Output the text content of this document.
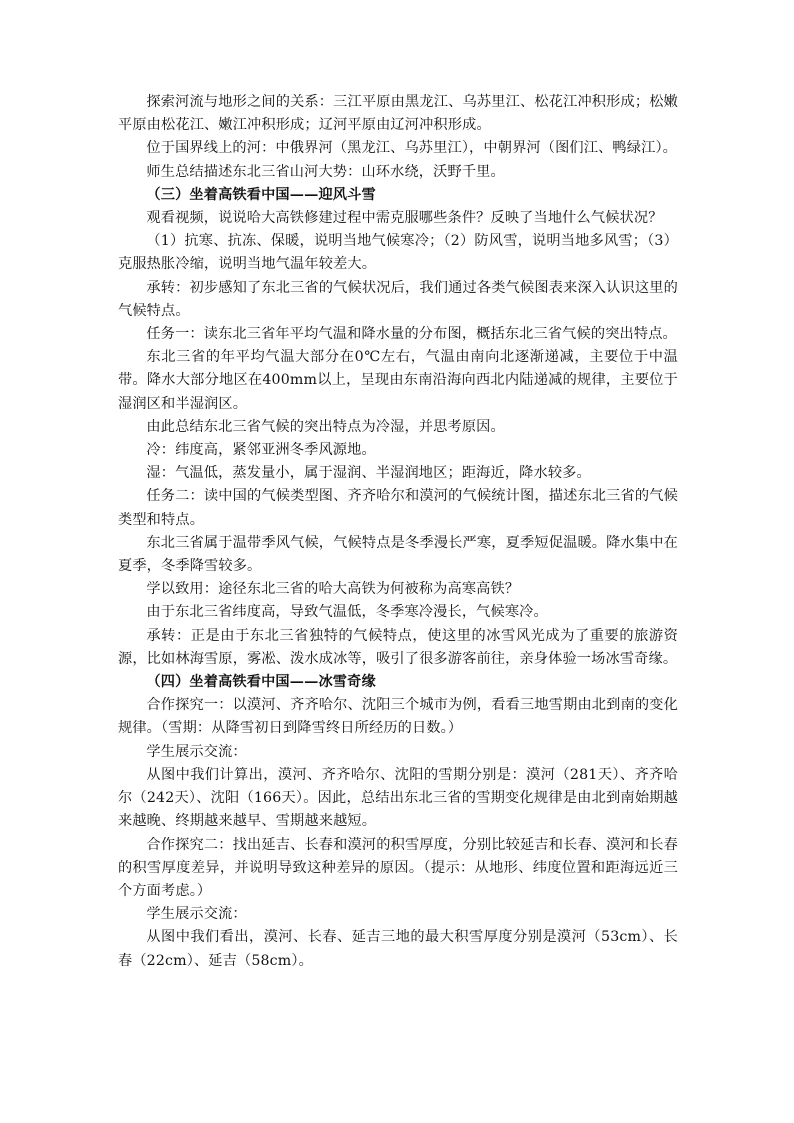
探索河流与地形之间的关系：三江平原由黑龙江、乌苏里江、松花江冲积形成；松嫩平原由松花江、嫩江冲积形成；辽河平原由辽河冲积形成。

位于国界线上的河：中俄界河（黑龙江、乌苏里江），中朝界河（图们江、鸭绿江）。

师生总结描述东北三省山河大势：山环水绕，沃野千里。

（三）坐着高铁看中国——迎风斗雪

观看视频，说说哈大高铁修建过程中需克服哪些条件？反映了当地什么气候状况？

（1）抗寒、抗冻、保暖，说明当地气候寒冷；（2）防风雪，说明当地多风雪；（3）克服热胀冷缩，说明当地气温年较差大。

承转：初步感知了东北三省的气候状况后，我们通过各类气候图表来深入认识这里的气候特点。

任务一：读东北三省年平均气温和降水量的分布图，概括东北三省气候的突出特点。

东北三省的年平均气温大部分在0℃左右，气温由南向北逐渐递减，主要位于中温带。降水大部分地区在400mm以上，呈现由东南沿海向西北内陆递减的规律，主要位于湿润区和半湿润区。

由此总结东北三省气候的突出特点为冷湿，并思考原因。

冷：纬度高，紧邻亚洲冬季风源地。

湿：气温低，蒸发量小，属于湿润、半湿润地区；距海近，降水较多。

任务二：读中国的气候类型图、齐齐哈尔和漠河的气候统计图，描述东北三省的气候类型和特点。

东北三省属于温带季风气候，气候特点是冬季漫长严寒，夏季短促温暖。降水集中在夏季，冬季降雪较多。

学以致用：途径东北三省的哈大高铁为何被称为高寒高铁？

由于东北三省纬度高，导致气温低，冬季寒冷漫长，气候寒冷。

承转：正是由于东北三省独特的气候特点，使这里的冰雪风光成为了重要的旅游资源，比如林海雪原，雾凇、泼水成冰等，吸引了很多游客前往，亲身体验一场冰雪奇缘。

（四）坐着高铁看中国——冰雪奇缘

合作探究一：以漠河、齐齐哈尔、沈阳三个城市为例，看看三地雪期由北到南的变化规律。（雪期：从降雪初日到降雪终日所经历的日数。）

学生展示交流：

从图中我们计算出，漠河、齐齐哈尔、沈阳的雪期分别是：漠河（281天）、齐齐哈尔（242天）、沈阳（166天）。因此，总结出东北三省的雪期变化规律是由北到南始期越来越晚、终期越来越早、雪期越来越短。

合作探究二：找出延吉、长春和漠河的积雪厚度，分别比较延吉和长春、漠河和长春的积雪厚度差异，并说明导致这种差异的原因。（提示：从地形、纬度位置和距海远近三个方面考虑。）

学生展示交流：

从图中我们看出，漠河、长春、延吉三地的最大积雪厚度分别是漠河（53cm）、长春（22cm）、延吉（58cm）。
